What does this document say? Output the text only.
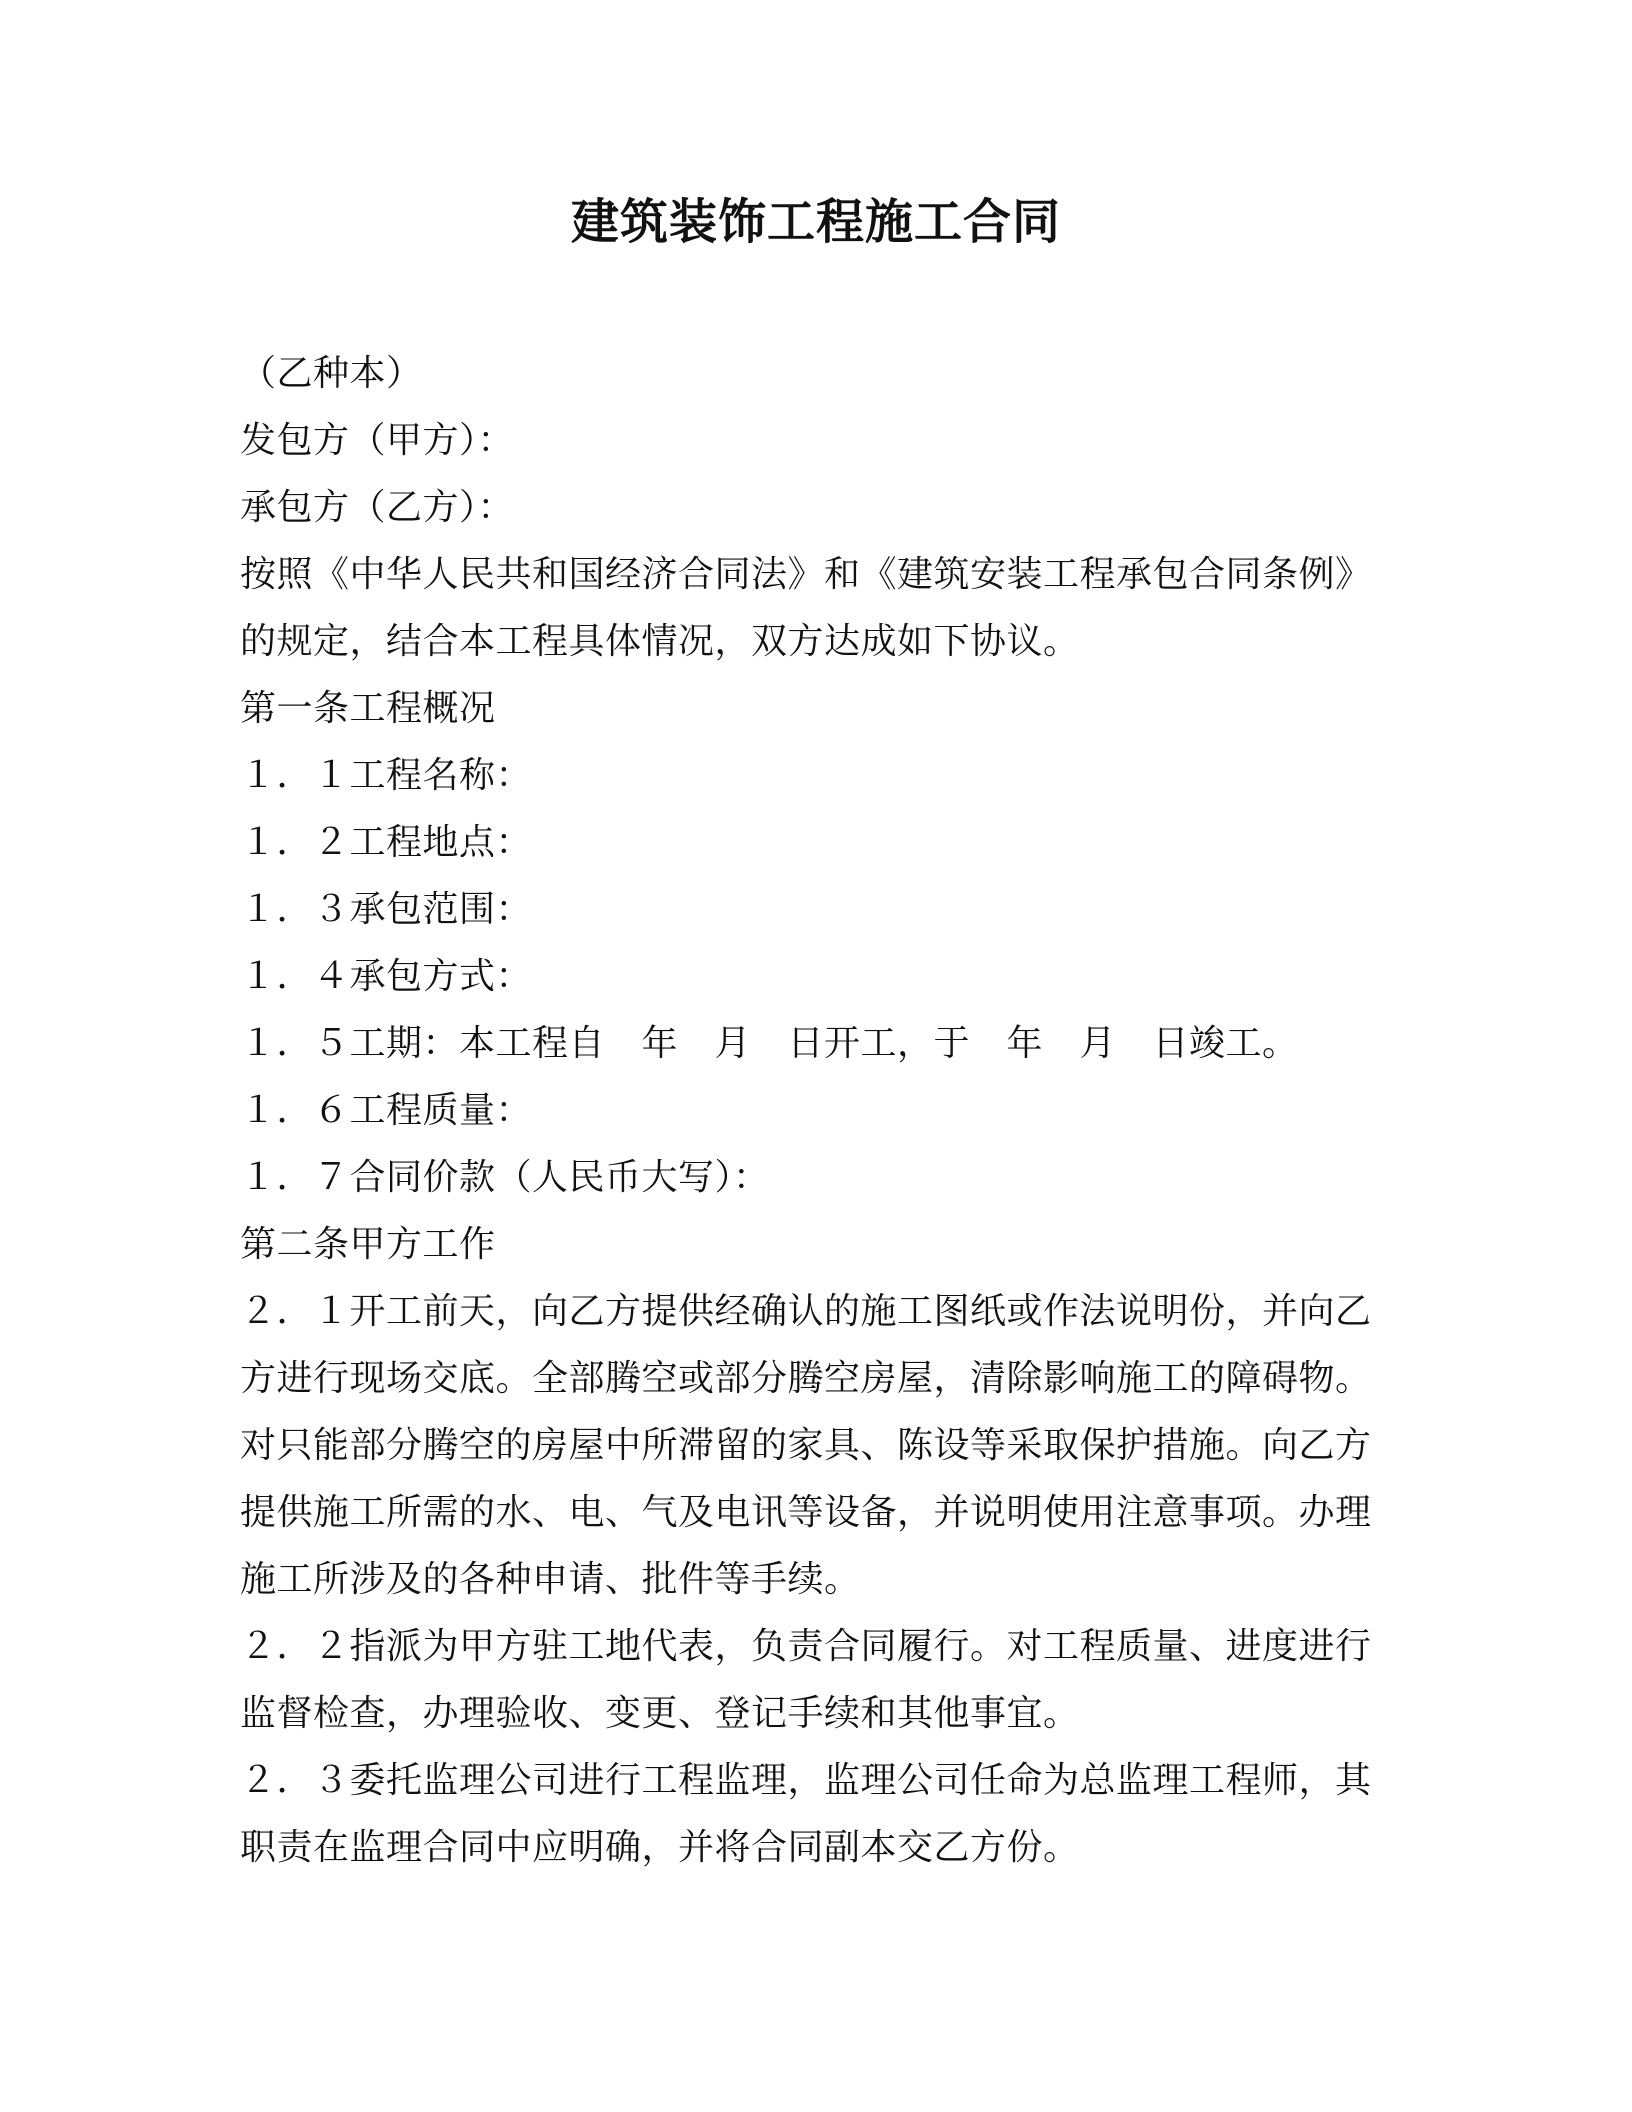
建筑装饰工程施工合同
（乙种本）
发包方（甲方）：
承包方（乙方）：
按照《中华人民共和国经济合同法》和《建筑安装工程承包合同条例》
的规定，结合本工程具体情况，双方达成如下协议。
第一条工程概况
１．１工程名称：
１．２工程地点：
１．３承包范围：
１．４承包方式：
１．５工期：本工程自　年　月　日开工，于　年　月　日竣工。
１．６工程质量：
１．７合同价款（人民币大写）：
第二条甲方工作
２．１开工前天，向乙方提供经确认的施工图纸或作法说明份，并向乙
方进行现场交底。全部腾空或部分腾空房屋，清除影响施工的障碍物。
对只能部分腾空的房屋中所滞留的家具、陈设等采取保护措施。向乙方
提供施工所需的水、电、气及电讯等设备，并说明使用注意事项。办理
施工所涉及的各种申请、批件等手续。
２．２指派为甲方驻工地代表，负责合同履行。对工程质量、进度进行
监督检查，办理验收、变更、登记手续和其他事宜。
２．３委托监理公司进行工程监理，监理公司任命为总监理工程师，其
职责在监理合同中应明确，并将合同副本交乙方份。
